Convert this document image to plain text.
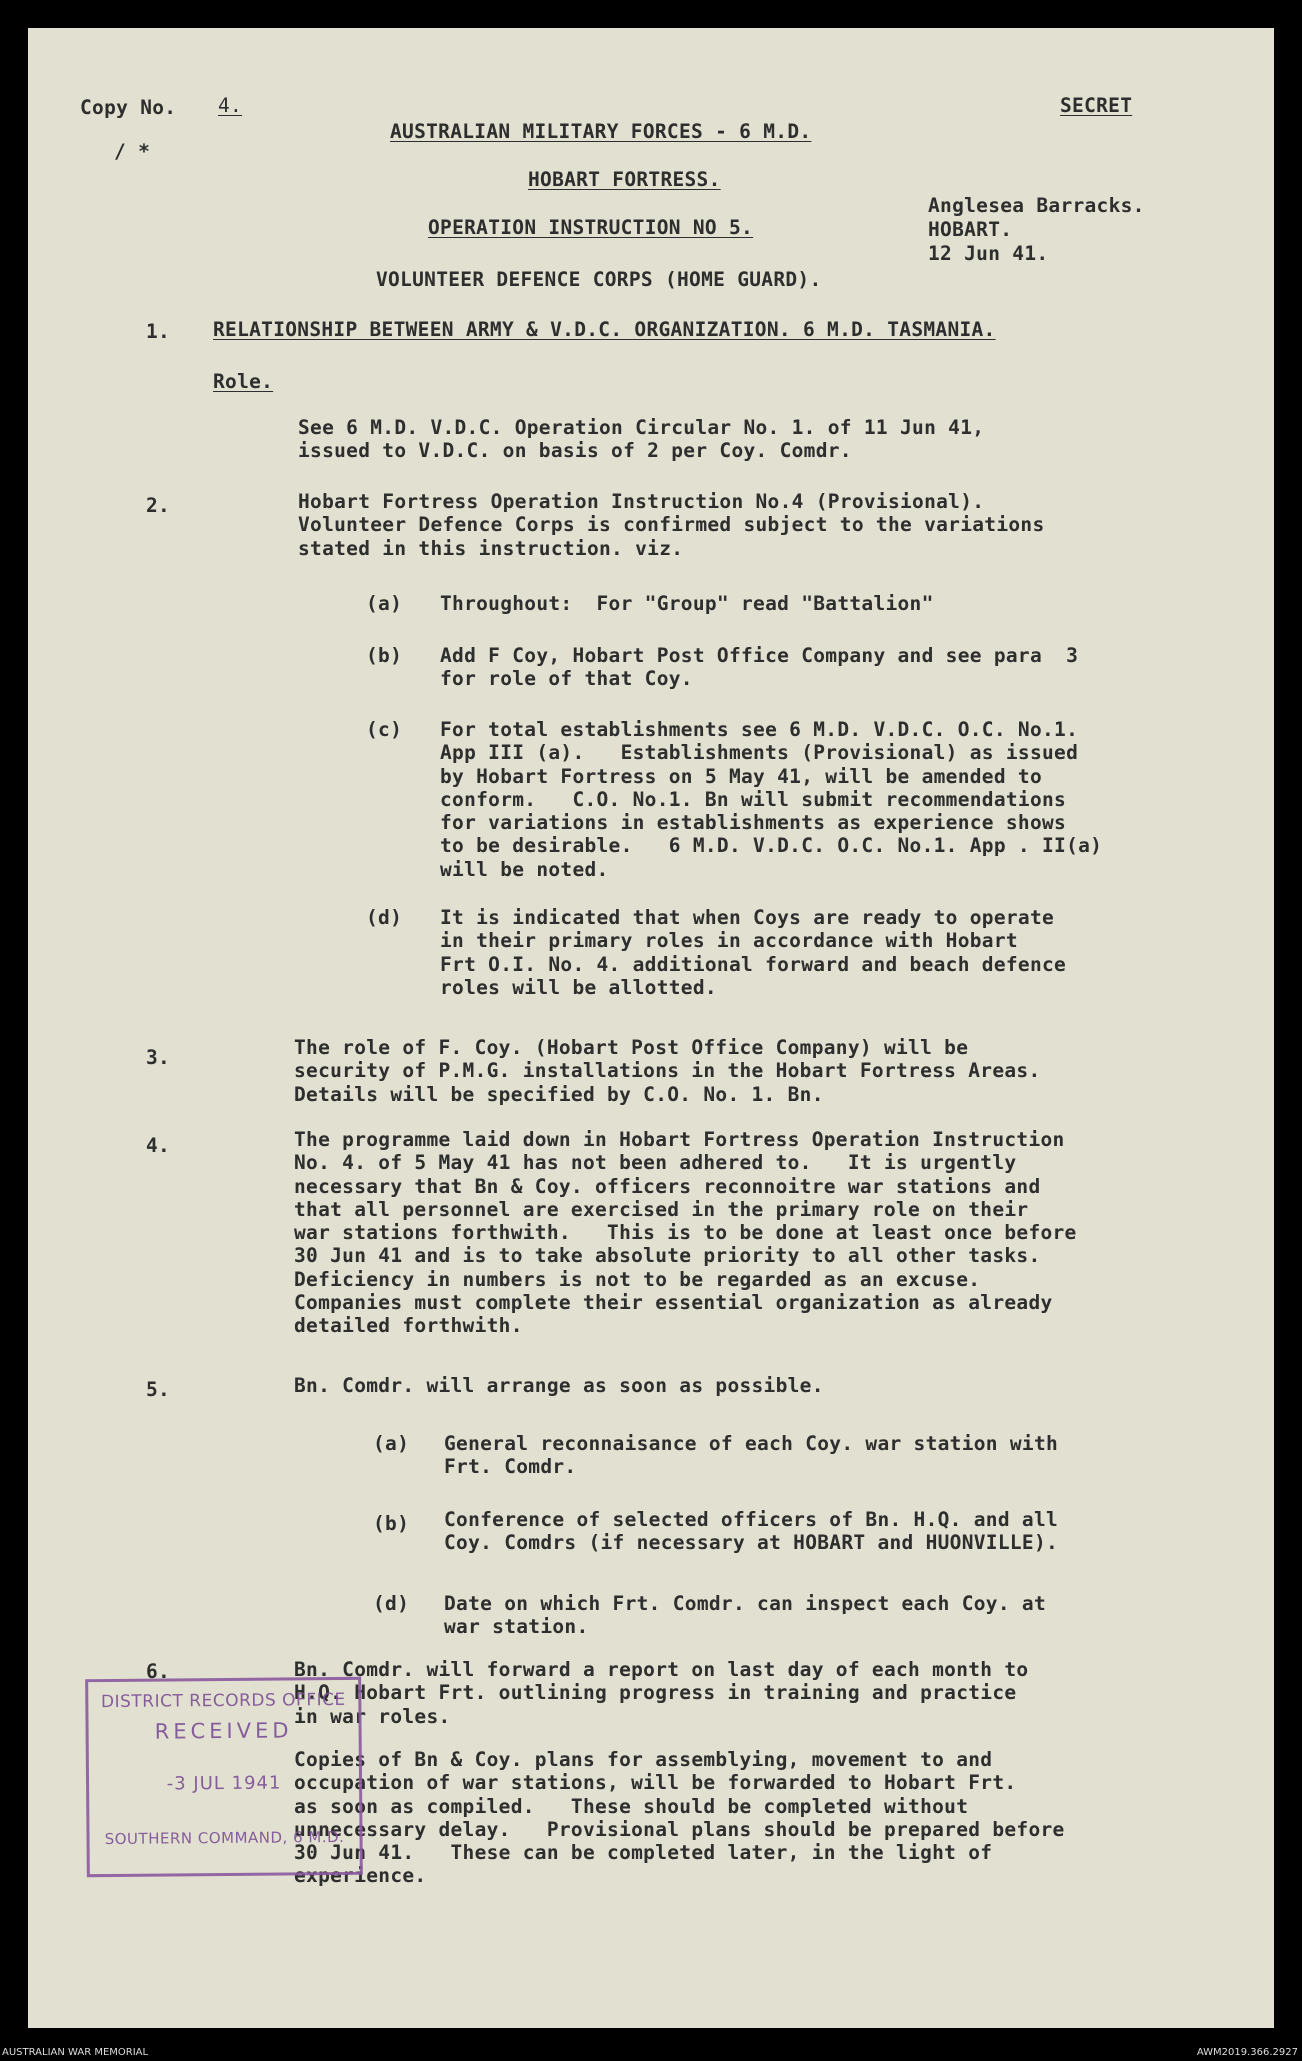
Copy No. 4.
/ *
SECRET
AUSTRALIAN MILITARY FORCES - 6 M.D.
HOBART FORTRESS.
OPERATION INSTRUCTION NO 5.
Anglesea Barracks.
HOBART.
12 Jun 41.
VOLUNTEER DEFENCE CORPS (HOME GUARD).
1. RELATIONSHIP BETWEEN ARMY & V.D.C. ORGANIZATION. 6 M.D. TASMANIA.
Role.
See 6 M.D. V.D.C. Operation Circular No. 1. of 11 Jun 41,
issued to V.D.C. on basis of 2 per Coy. Comdr.
2.	Hobart Fortress Operation Instruction No.4 (Provisional).
Volunteer Defence Corps is confirmed subject to the variations
stated in this instruction. viz.
(a) Throughout:  For "Group" read "Battalion"
(b) Add F Coy, Hobart Post Office Company and see para  3
for role of that Coy.
(c) For total establishments see 6 M.D. V.D.C. O.C. No.1.
App III (a).   Establishments (Provisional) as issued
by Hobart Fortress on 5 May 41, will be amended to
conform.   C.O. No.1. Bn will submit recommendations
for variations in establishments as experience shows
to be desirable.   6 M.D. V.D.C. O.C. No.1. App . II(a)
will be noted.
(d) It is indicated that when Coys are ready to operate
in their primary roles in accordance with Hobart
Frt O.I. No. 4. additional forward and beach defence
roles will be allotted.
3.	The role of F. Coy. (Hobart Post Office Company) will be
security of P.M.G. installations in the Hobart Fortress Areas.
Details will be specified by C.O. No. 1. Bn.
4.	The programme laid down in Hobart Fortress Operation Instruction
No. 4. of 5 May 41 has not been adhered to.   It is urgently
necessary that Bn & Coy. officers reconnoitre war stations and
that all personnel are exercised in the primary role on their
war stations forthwith.   This is to be done at least once before
30 Jun 41 and is to take absolute priority to all other tasks.
Deficiency in numbers is not to be regarded as an excuse.
Companies must complete their essential organization as already
detailed forthwith.
5.	Bn. Comdr. will arrange as soon as possible.
(a) General reconnaisance of each Coy. war station with
Frt. Comdr.
(b) Conference of selected officers of Bn. H.Q. and all
Coy. Comdrs (if necessary at HOBART and HUONVILLE).
(d) Date on which Frt. Comdr. can inspect each Coy. at
war station.
6.	Bn. Comdr. will forward a report on last day of each month to
H.Q. Hobart Frt. outlining progress in training and practice
in war roles.
Copies of Bn & Coy. plans for assemblying, movement to and
occupation of war stations, will be forwarded to Hobart Frt.
as soon as compiled.   These should be completed without
unnecessary delay.   Provisional plans should be prepared before
30 Jun 41.   These can be completed later, in the light of
experience.
DISTRICT RECORDS OFFICE
RECEIVED
-3 JUL 1941
SOUTHERN COMMAND, 6 M.D.
AUSTRALIAN WAR MEMORIAL	AWM2019.366.2927
